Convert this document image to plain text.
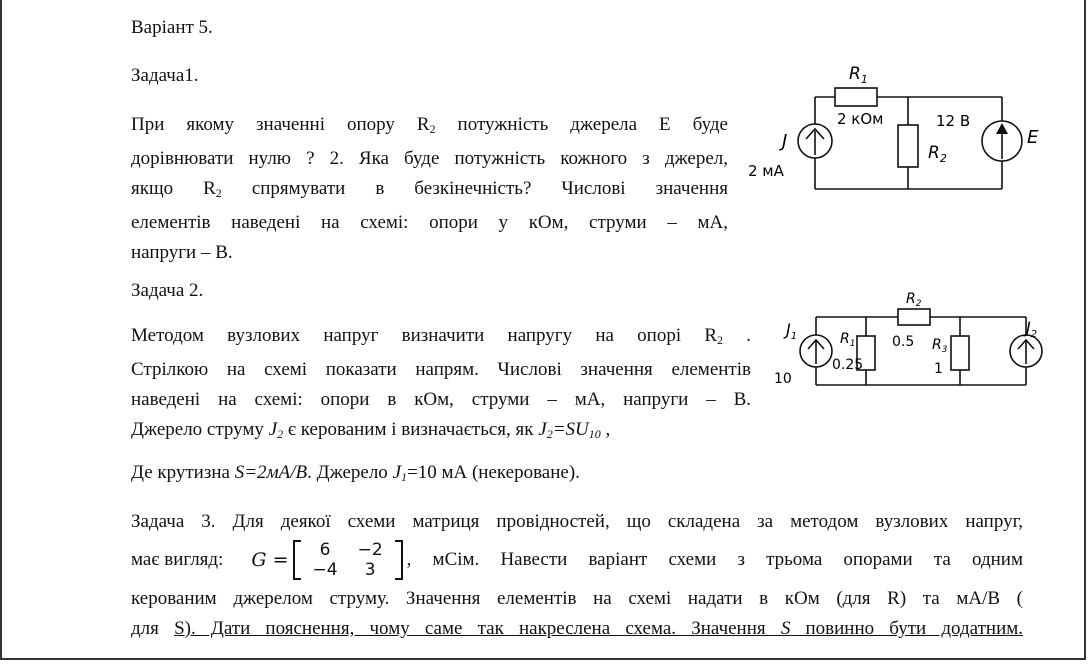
Варіант 5.
Задача1.
При якому значенні опору $R_2$ потужність джерела Е буде
дорівнювати нулю ? 2. Яка буде потужність кожного з джерел,
якщо $R_2$ спрямувати в безкінечність? Числові значення
елементів наведені на схемі: опори у кОм, струми – мА,
напруги – В.
$R_1$
2 кОм
$R_2$
J
2 мА
12 В
E
Задача 2.
Методом вузлових напруг визначити напругу на опорі $R_2$ .
Стрілкою на схемі показати напрям. Числові значення елементів
наведені на схемі: опори в кОм, струми – мА, напруги – В.
Джерело струму $J_2$ є керованим і визначається, як $J_2=SU_{10}$ ,
Де крутизна S=2мА/В. Джерело $J_1=10$ мА (некероване).
$R_2$
0.5
$R_1$
0.25
$R_3$
1
$J_1$
10
$J_2$
Задача 3. Для деякої схеми матриця провідностей, що складена за методом вузлових напруг,
має вигляд: G = 6	−2
−4	3 , мСім. Навести варіант схеми з трьома опорами та одним
керованим джерелом струму. Значення елементів на схемі надати в кОм (для R) та мА/В (
для S). Дати пояснення, чому саме так накреслена схема. Значення S повинно бути додатним.
